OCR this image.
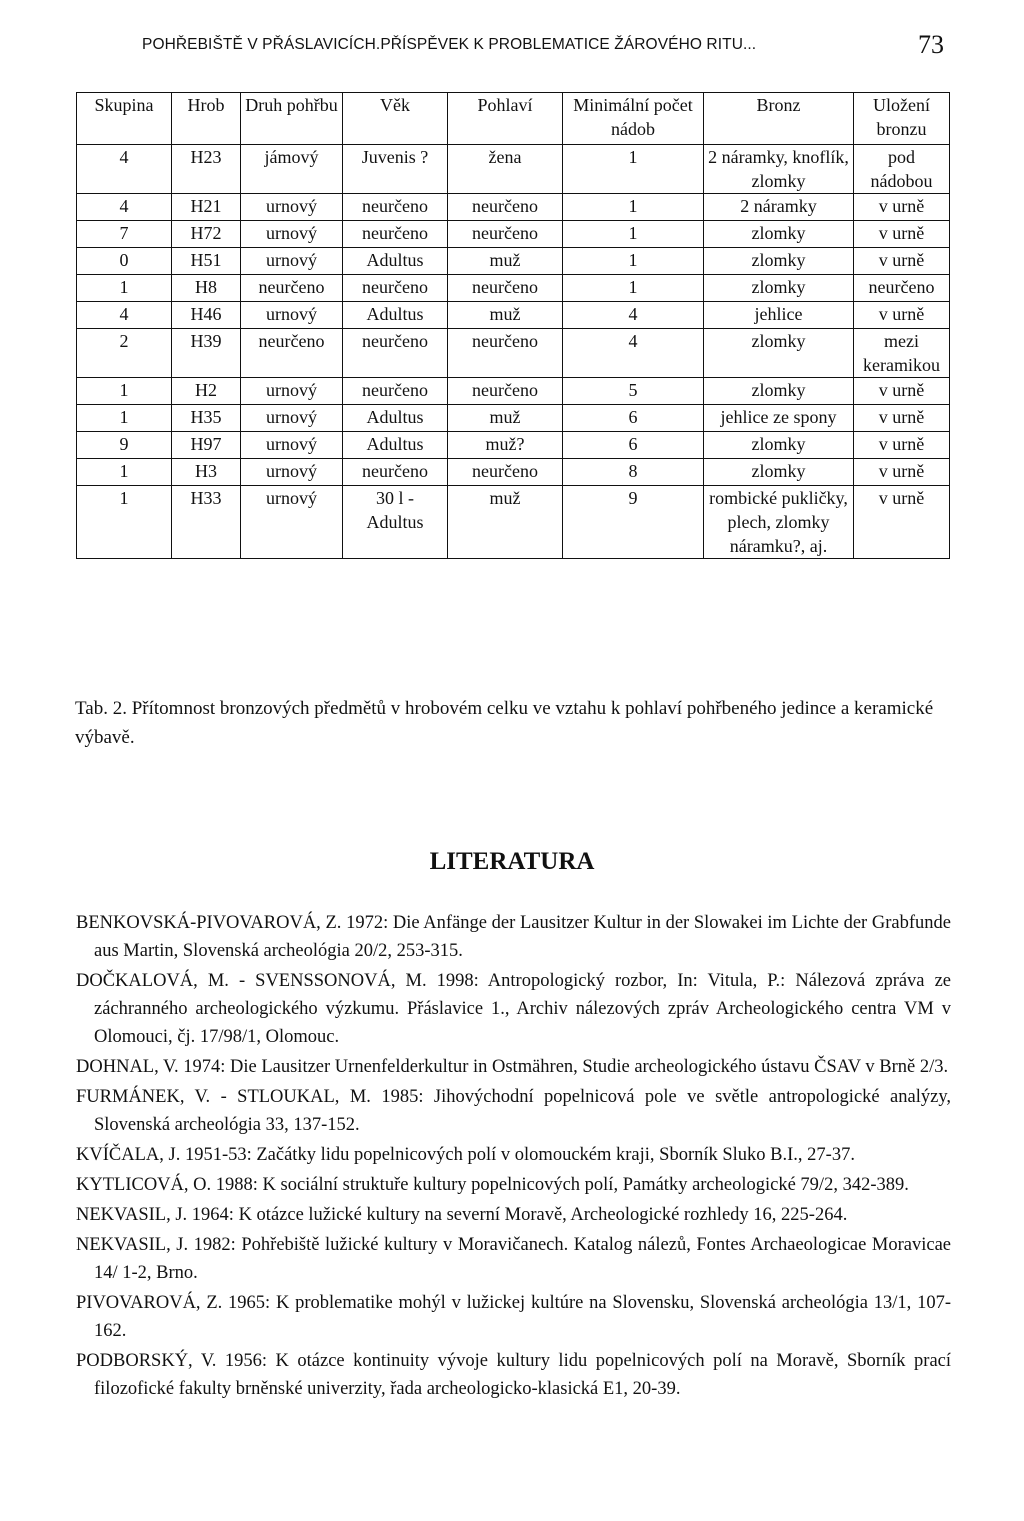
POHŘEBIŠTĚ V PŘÁSLAVICÍCH.PŘÍSPĚVEK K PROBLEMATICE ŽÁROVÉHO RITU...	73
Skupina	Hrob	Druh pohřbu	Věk	Pohlaví	Minimální počet nádob	Bronz	Uložení bronzu
4	H23	jámový	Juvenis ?	žena	1	2 náramky, knoflík, zlomky	pod nádobou
4	H21	urnový	neurčeno	neurčeno	1	2 náramky	v urně
7	H72	urnový	neurčeno	neurčeno	1	zlomky	v urně
0	H51	urnový	Adultus	muž	1	zlomky	v urně
1	H8	neurčeno	neurčeno	neurčeno	1	zlomky	neurčeno
4	H46	urnový	Adultus	muž	4	jehlice	v urně
2	H39	neurčeno	neurčeno	neurčeno	4	zlomky	mezi keramikou
1	H2	urnový	neurčeno	neurčeno	5	zlomky	v urně
1	H35	urnový	Adultus	muž	6	jehlice ze spony	v urně
9	H97	urnový	Adultus	muž?	6	zlomky	v urně
1	H3	urnový	neurčeno	neurčeno	8	zlomky	v urně
1	H33	urnový	30 l - Adultus	muž	9	rombické pukličky, plech, zlomky náramku?, aj.	v urně
Tab. 2. Přítomnost bronzových předmětů v hrobovém celku ve vztahu k pohlaví pohřbeného jedince a keramické výbavě.
LITERATURA

BENKOVSKÁ-PIVOVAROVÁ, Z. 1972: Die Anfänge der Lausitzer Kultur in der Slowakei im Lichte der Grabfunde aus Martin, Slovenská archeológia 20/2, 253-315.

DOČKALOVÁ, M. - SVENSSONOVÁ, M. 1998: Antropologický rozbor, In: Vitula, P.: Nálezová zpráva ze záchranného archeologického výzkumu. Přáslavice 1., Archiv nálezových zpráv Archeologického centra VM v Olomouci, čj. 17/98/1, Olomouc.

DOHNAL, V. 1974: Die Lausitzer Urnenfelderkultur in Ostmähren, Studie archeologického ústavu ČSAV v Brně 2/3.

FURMÁNEK, V. - STLOUKAL, M. 1985: Jihovýchodní popelnicová pole ve světle antropologické analýzy, Slovenská archeológia 33, 137-152.

KVÍČALA, J. 1951-53: Začátky lidu popelnicových polí v olomouckém kraji, Sborník Sluko B.I., 27-37.

KYTLICOVÁ, O. 1988: K sociální struktuře kultury popelnicových polí, Památky archeologické 79/2, 342-389.

NEKVASIL, J. 1964: K otázce lužické kultury na severní Moravě, Archeologické rozhledy 16, 225-264.

NEKVASIL, J. 1982: Pohřebiště lužické kultury v Moravičanech. Katalog nálezů, Fontes Archaeologicae Moravicae 14/ 1-2, Brno.

PIVOVAROVÁ, Z. 1965: K problematike mohýl v lužickej kultúre na Slovensku, Slovenská archeológia 13/1, 107-162.

PODBORSKÝ, V. 1956: K otázce kontinuity vývoje kultury lidu popelnicových polí na Moravě, Sborník prací filozofické fakulty brněnské univerzity, řada archeologicko-klasická E1, 20-39.
